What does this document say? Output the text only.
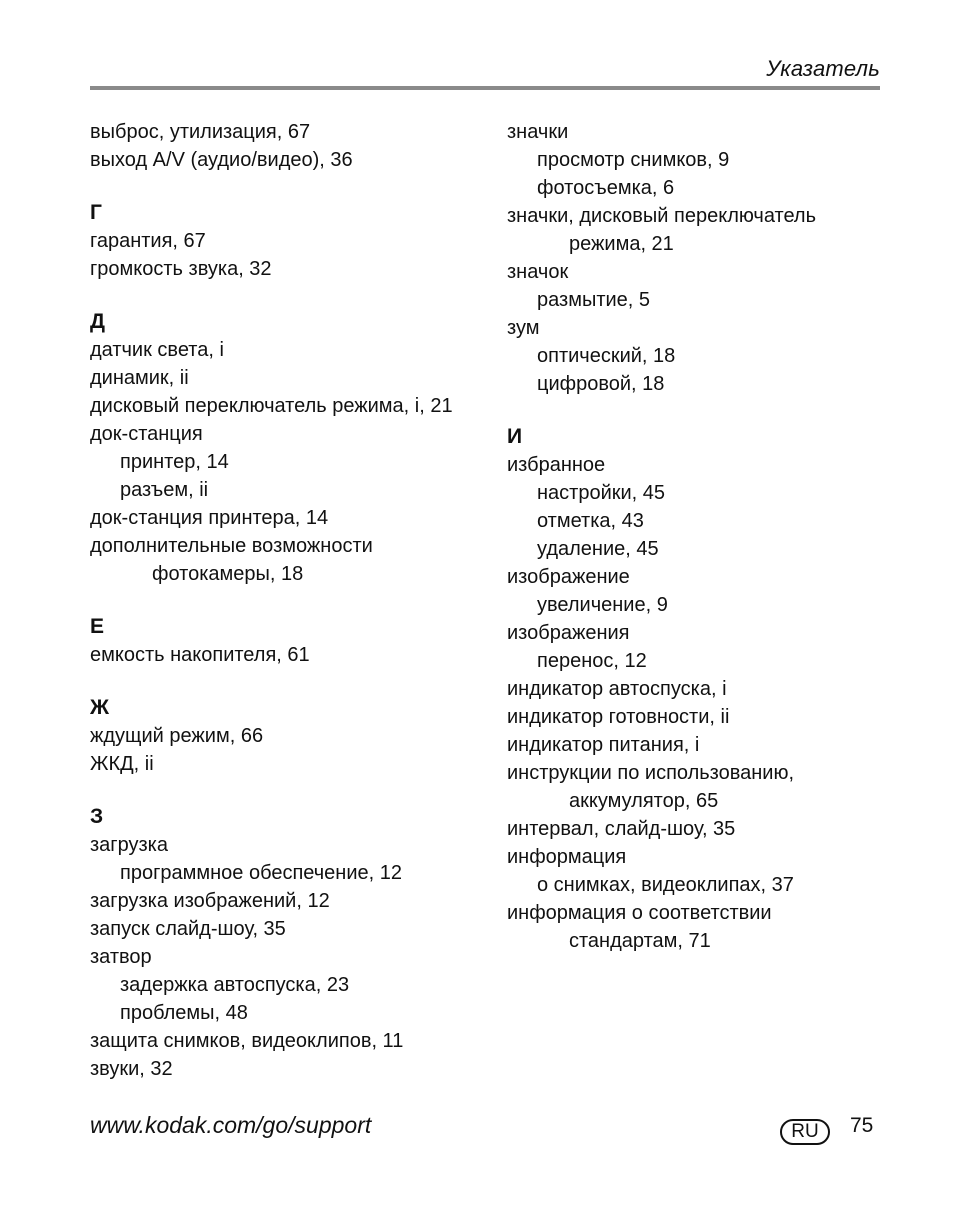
Указатель
выброс, утилизация, 67
выход A/V (аудио/видео), 36
Г
гарантия, 67
громкость звука, 32
Д
датчик света, i
динамик, ii
дисковый переключатель режима, i, 21
док-станция
принтер, 14
разъем, ii
док-станция принтера, 14
дополнительные возможности
фотокамеры, 18
Е
емкость накопителя, 61
Ж
ждущий режим, 66
ЖКД, ii
З
загрузка
программное обеспечение, 12
загрузка изображений, 12
запуск слайд-шоу, 35
затвор
задержка автоспуска, 23
проблемы, 48
защита снимков, видеоклипов, 11
звуки, 32
значки
просмотр снимков, 9
фотосъемка, 6
значки, дисковый переключатель
режима, 21
значок
размытие, 5
зум
оптический, 18
цифровой, 18
И
избранное
настройки, 45
отметка, 43
удаление, 45
изображение
увеличение, 9
изображения
перенос, 12
индикатор автоспуска, i
индикатор готовности, ii
индикатор питания, i
инструкции по использованию,
аккумулятор, 65
интервал, слайд-шоу, 35
информация
о снимках, видеоклипах, 37
информация о соответствии
стандартам, 71
www.kodak.com/go/support	RU	75
